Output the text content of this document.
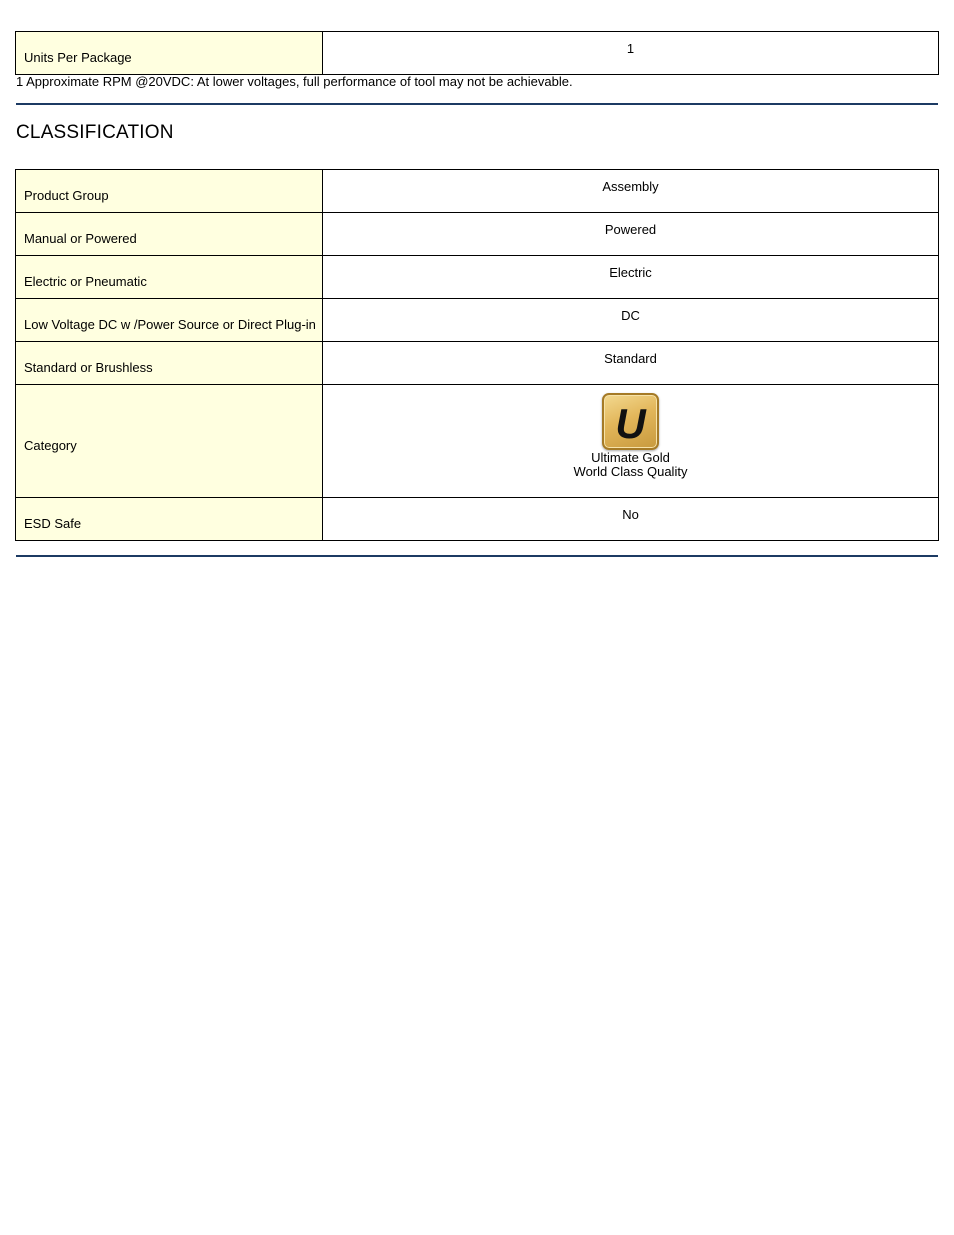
Units Per Package	1

1 Approximate RPM @20VDC: At lower voltages, full performance of tool may not be achievable.

CLASSIFICATION
Product Group	Assembly
Manual or Powered	Powered
Electric or Pneumatic	Electric
Low Voltage DC w /Power Source or Direct Plug-in	DC
Standard or Brushless	Standard
Category	U
Ultimate Gold
World Class Quality

ESD Safe	No
